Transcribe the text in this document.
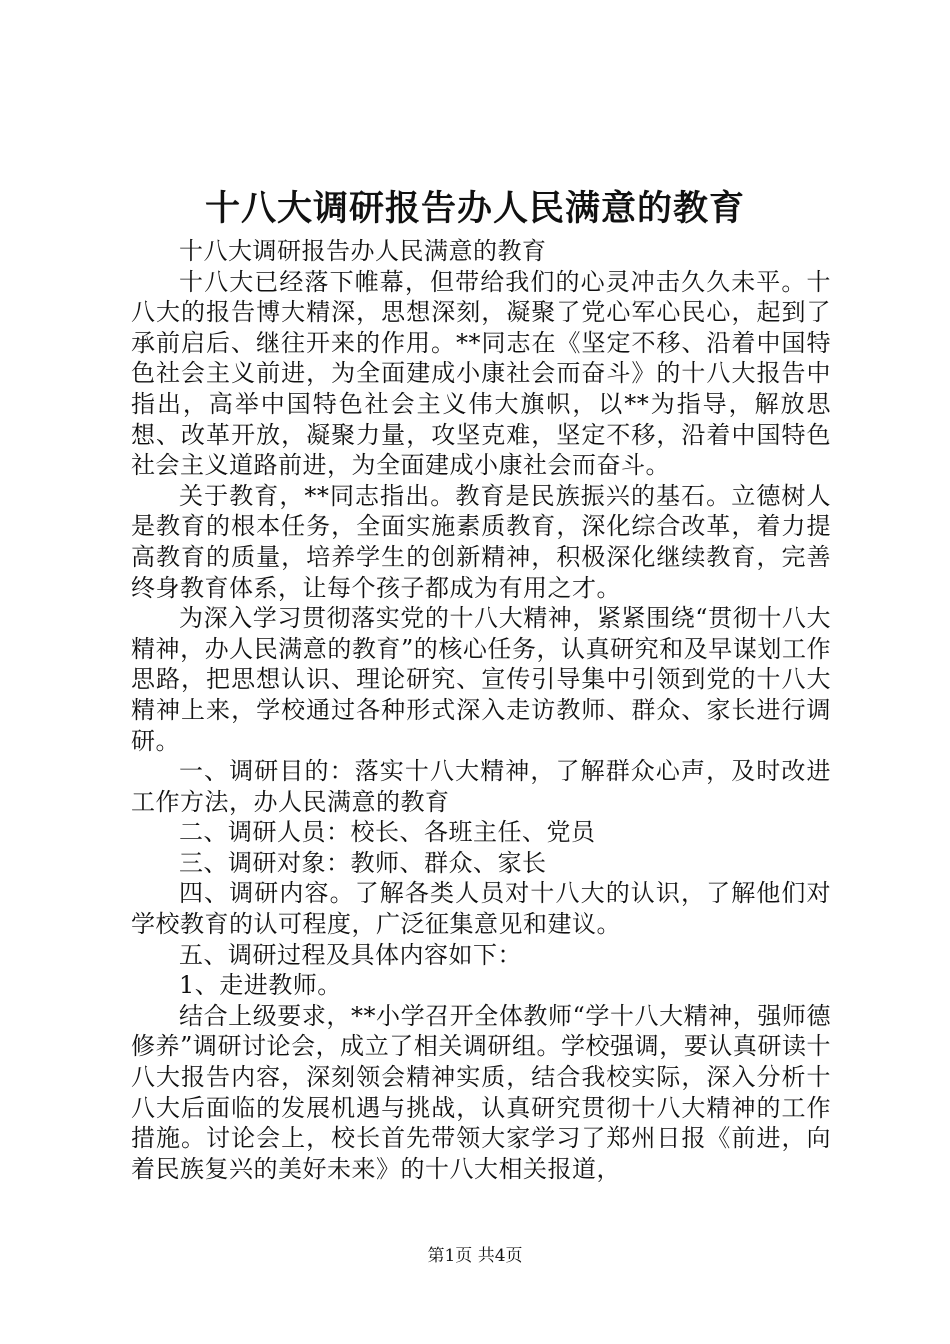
十八大调研报告办人民满意的教育

十八大调研报告办人民满意的教育

十八大已经落下帷幕，但带给我们的心灵冲击久久未平。十八大的报告博大精深，思想深刻，凝聚了党心军心民心，起到了承前启后、继往开来的作用。**同志在《坚定不移、沿着中国特色社会主义前进，为全面建成小康社会而奋斗》的十八大报告中指出，高举中国特色社会主义伟大旗帜，以**为指导，解放思想、改革开放，凝聚力量，攻坚克难，坚定不移，沿着中国特色社会主义道路前进，为全面建成小康社会而奋斗。

关于教育，**同志指出。教育是民族振兴的基石。立德树人是教育的根本任务，全面实施素质教育，深化综合改革，着力提高教育的质量，培养学生的创新精神，积极深化继续教育，完善终身教育体系，让每个孩子都成为有用之才。

为深入学习贯彻落实党的十八大精神，紧紧围绕“贯彻十八大精神，办人民满意的教育”的核心任务，认真研究和及早谋划工作思路，把思想认识、理论研究、宣传引导集中引领到党的十八大精神上来，学校通过各种形式深入走访教师、群众、家长进行调研。

一、调研目的：落实十八大精神，了解群众心声，及时改进工作方法，办人民满意的教育

二、调研人员：校长、各班主任、党员

三、调研对象：教师、群众、家长

四、调研内容。了解各类人员对十八大的认识，了解他们对学校教育的认可程度，广泛征集意见和建议。

五、调研过程及具体内容如下：

1、走进教师。

结合上级要求，**小学召开全体教师“学十八大精神，强师德修养”调研讨论会，成立了相关调研组。学校强调，要认真研读十八大报告内容，深刻领会精神实质，结合我校实际，深入分析十八大后面临的发展机遇与挑战，认真研究贯彻十八大精神的工作措施。讨论会上，校长首先带领大家学习了郑州日报《前进，向着民族复兴的美好未来》的十八大相关报道，

第1页 共4页
